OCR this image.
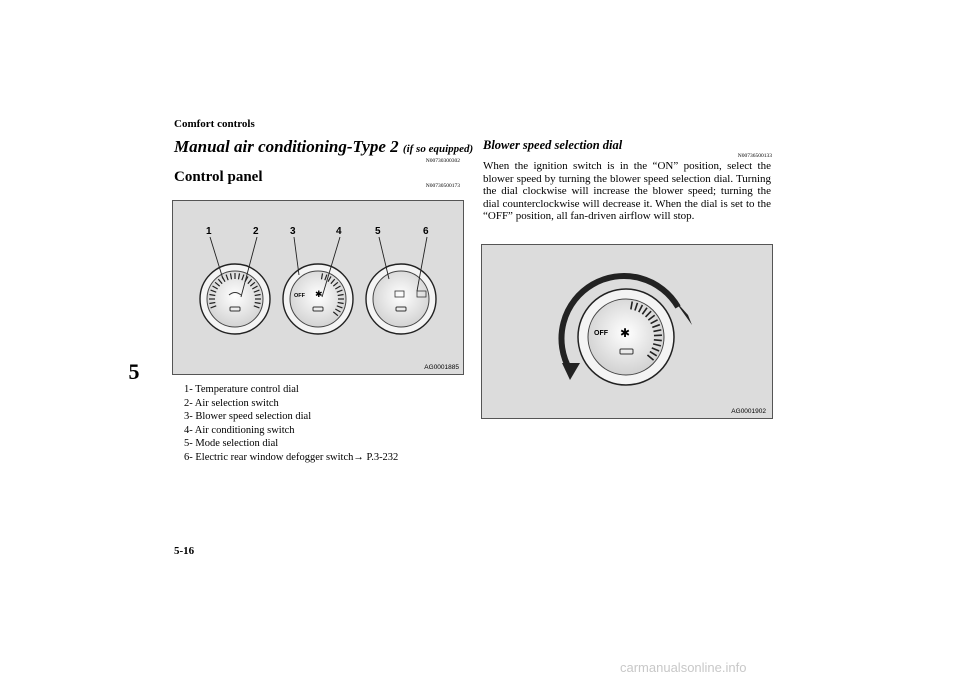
Comfort controls
5
Manual air conditioning-Type 2 (if so equipped)
N00730300302
Control panel
N00730500173
OFF ✱
1	2	3	4	5	6
AG0001885
1- Temperature control dial
2- Air selection switch
3- Blower speed selection dial
4- Air conditioning switch
5- Mode selection dial
6- Electric rear window defogger switch→ P.3-232
Blower speed selection dial
N00736500133

When the ignition switch is in the “ON” position, select the blower speed by turning the blower speed selection dial. Turning the dial clockwise will increase the blower speed; turning the dial counterclockwise will decrease it. When the dial is set to the “OFF” position, all fan-driven airflow will stop.

OFF ✱
AG0001902
5-16
carmanualsonline.info
